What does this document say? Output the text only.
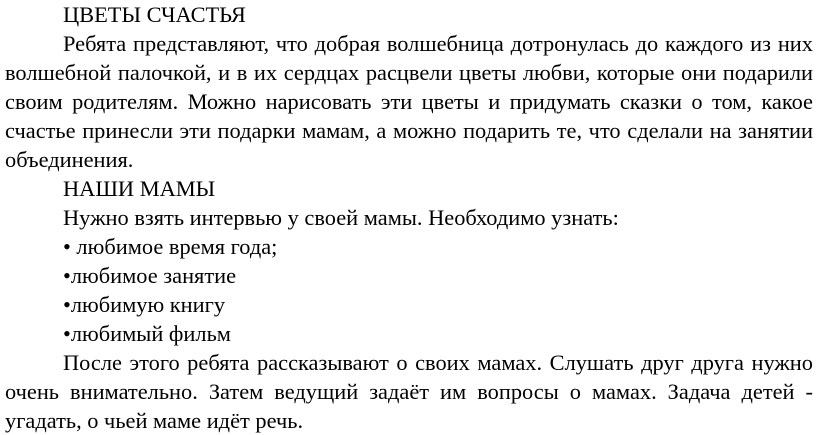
ЦВЕТЫ СЧАСТЬЯ

Ребята представляют, что добрая волшебница дотронулась до каждого из них волшебной палочкой, и в их сердцах расцвели цветы любви, которые они подарили своим родителям. Можно нарисовать эти цветы и придумать сказки о том, какое счастье принесли эти подарки мамам, а можно подарить те, что сделали на занятии объединения.

НАШИ МАМЫ

Нужно взять интервью у своей мамы. Необходимо узнать:

• любимое время года;
•любимое занятие
•любимую книгу
•любимый фильм

После этого ребята рассказывают о своих мамах. Слушать друг друга нужно очень внимательно. Затем ведущий задаёт им вопросы о мамах. Задача детей - угадать, о чьей маме идёт речь.
